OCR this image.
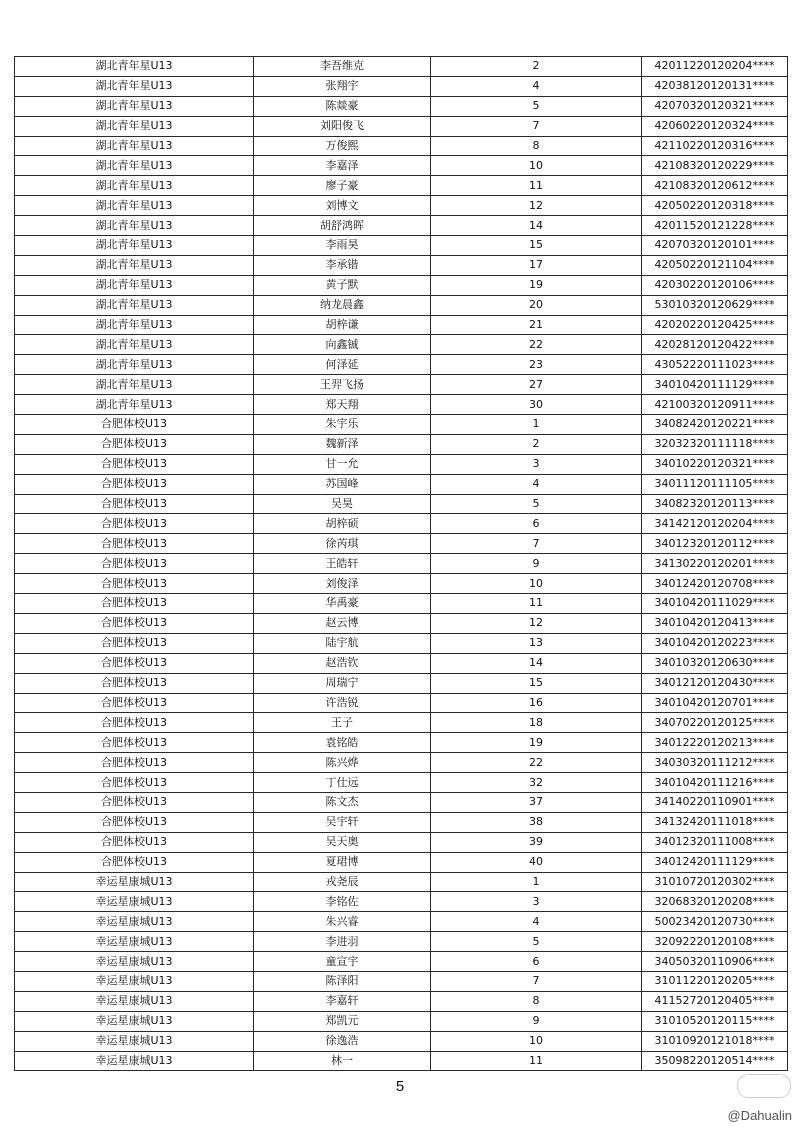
湖北青年星U13	李吾维克	2	42011220120204****
湖北青年星U13	张翔宇	4	42038120120131****
湖北青年星U13	陈燚豪	5	42070320120321****
湖北青年星U13	刘阳俊飞	7	42060220120324****
湖北青年星U13	万俊熙	8	42110220120316****
湖北青年星U13	李嘉泽	10	42108320120229****
湖北青年星U13	廖子豪	11	42108320120612****
湖北青年星U13	刘博文	12	42050220120318****
湖北青年星U13	胡舒鸿晖	14	42011520121228****
湖北青年星U13	李雨昊	15	42070320120101****
湖北青年星U13	李承锴	17	42050220121104****
湖北青年星U13	黄子默	19	42030220120106****
湖北青年星U13	纳龙晨鑫	20	53010320120629****
湖北青年星U13	胡梓谦	21	42020220120425****
湖北青年星U13	向鑫铖	22	42028120120422****
湖北青年星U13	何泽延	23	43052220111023****
湖北青年星U13	王羿飞扬	27	34010420111129****
湖北青年星U13	郑天翔	30	42100320120911****
合肥体校U13	朱宇乐	1	34082420120221****
合肥体校U13	魏新泽	2	32032320111118****
合肥体校U13	甘一允	3	34010220120321****
合肥体校U13	苏国峰	4	34011120111105****
合肥体校U13	吴昊	5	34082320120113****
合肥体校U13	胡梓硕	6	34142120120204****
合肥体校U13	徐芮琪	7	34012320120112****
合肥体校U13	王皓轩	9	34130220120201****
合肥体校U13	刘俊泽	10	34012420120708****
合肥体校U13	华禹豪	11	34010420111029****
合肥体校U13	赵云博	12	34010420120413****
合肥体校U13	陆宇航	13	34010420120223****
合肥体校U13	赵浩钦	14	34010320120630****
合肥体校U13	周瑞宁	15	34012120120430****
合肥体校U13	许浩锐	16	34010420120701****
合肥体校U13	王子	18	34070220120125****
合肥体校U13	袁铭皓	19	34012220120213****
合肥体校U13	陈兴烨	22	34030320111212****
合肥体校U13	丁仕远	32	34010420111216****
合肥体校U13	陈文杰	37	34140220110901****
合肥体校U13	吴宇轩	38	34132420111018****
合肥体校U13	吴天奥	39	34012320111008****
合肥体校U13	夏珺博	40	34012420111129****
幸运星康城U13	戎尧辰	1	31010720120302****
幸运星康城U13	李铭佐	3	32068320120208****
幸运星康城U13	朱兴睿	4	50023420120730****
幸运星康城U13	李进羽	5	32092220120108****
幸运星康城U13	童宣宇	6	34050320110906****
幸运星康城U13	陈泽阳	7	31011220120205****
幸运星康城U13	李嘉轩	8	41152720120405****
幸运星康城U13	郑凯元	9	31010520120115****
幸运星康城U13	徐逸浩	10	31010920121018****
幸运星康城U13	林一	11	35098220120514****
5
@Dahualin
